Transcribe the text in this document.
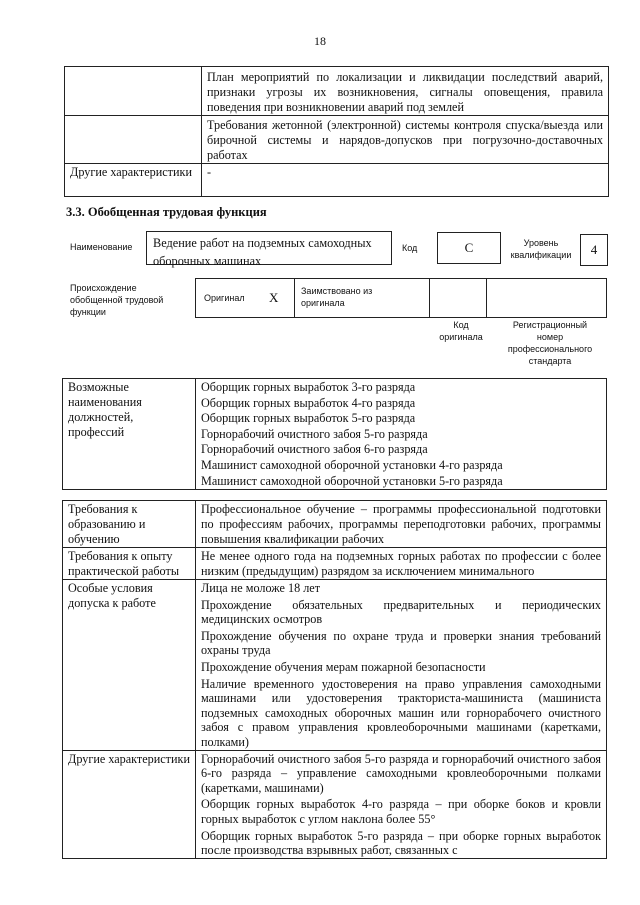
18
	План мероприятий по локализации и ликвидации последствий аварий, признаки угрозы их возникновения, сигналы оповещения, правила поведения при возникновении аварий под землей
	Требования жетонной (электронной) системы контроля спуска/выезда или бирочной системы и нарядов-допусков при погрузочно-доставочных работах
Другие характеристики	-
3.3. Обобщенная трудовая функция
Наименование	Ведение работ на подземных самоходных оборочных машинах
Код	С	Уровень квалификации	4
Происхождение обобщенной трудовой функции
Оригинал Х	Заимствовано из оригинала
Код оригинала
Регистрационный номер профессионального стандарта
Возможные наименования должностей, профессий	
Оборщик горных выработок 3-го разряда
Оборщик горных выработок 4-го разряда
Оборщик горных выработок 5-го разряда
Горнорабочий очистного забоя 5-го разряда
Горнорабочий очистного забоя 6-го разряда
Машинист самоходной оборочной установки 4-го разряда
Машинист самоходной оборочной установки 5-го разряда
Требования к образованию и обучению	Профессиональное обучение – программы профессиональной подготовки по профессиям рабочих, программы переподготовки рабочих, программы повышения квалификации рабочих
Требования к опыту практической работы	Не менее одного года на подземных горных работах по профессии с более низким (предыдущим) разрядом за исключением минимального
Особые условия допуска к работе	Лица не моложе 18 лет
Прохождение обязательных предварительных и периодических медицинских осмотров
Прохождение обучения по охране труда и проверки знания требований охраны труда
Прохождение обучения мерам пожарной безопасности
Наличие временного удостоверения на право управления самоходными машинами или удостоверения тракториста-машиниста (машиниста подземных самоходных оборочных машин или горнорабочего очистного забоя с правом управления кровлеоборочными машинами (каретками, полками)

Другие характеристики	Горнорабочий очистного забоя 5-го разряда и горнорабочий очистного забоя 6-го разряда – управление самоходными кровлеоборочными полками (каретками, машинами)
Оборщик горных выработок 4-го разряда – при оборке боков и кровли горных выработок с углом наклона более 55°
Оборщик горных выработок 5-го разряда – при оборке горных выработок после производства взрывных работ, связанных с
